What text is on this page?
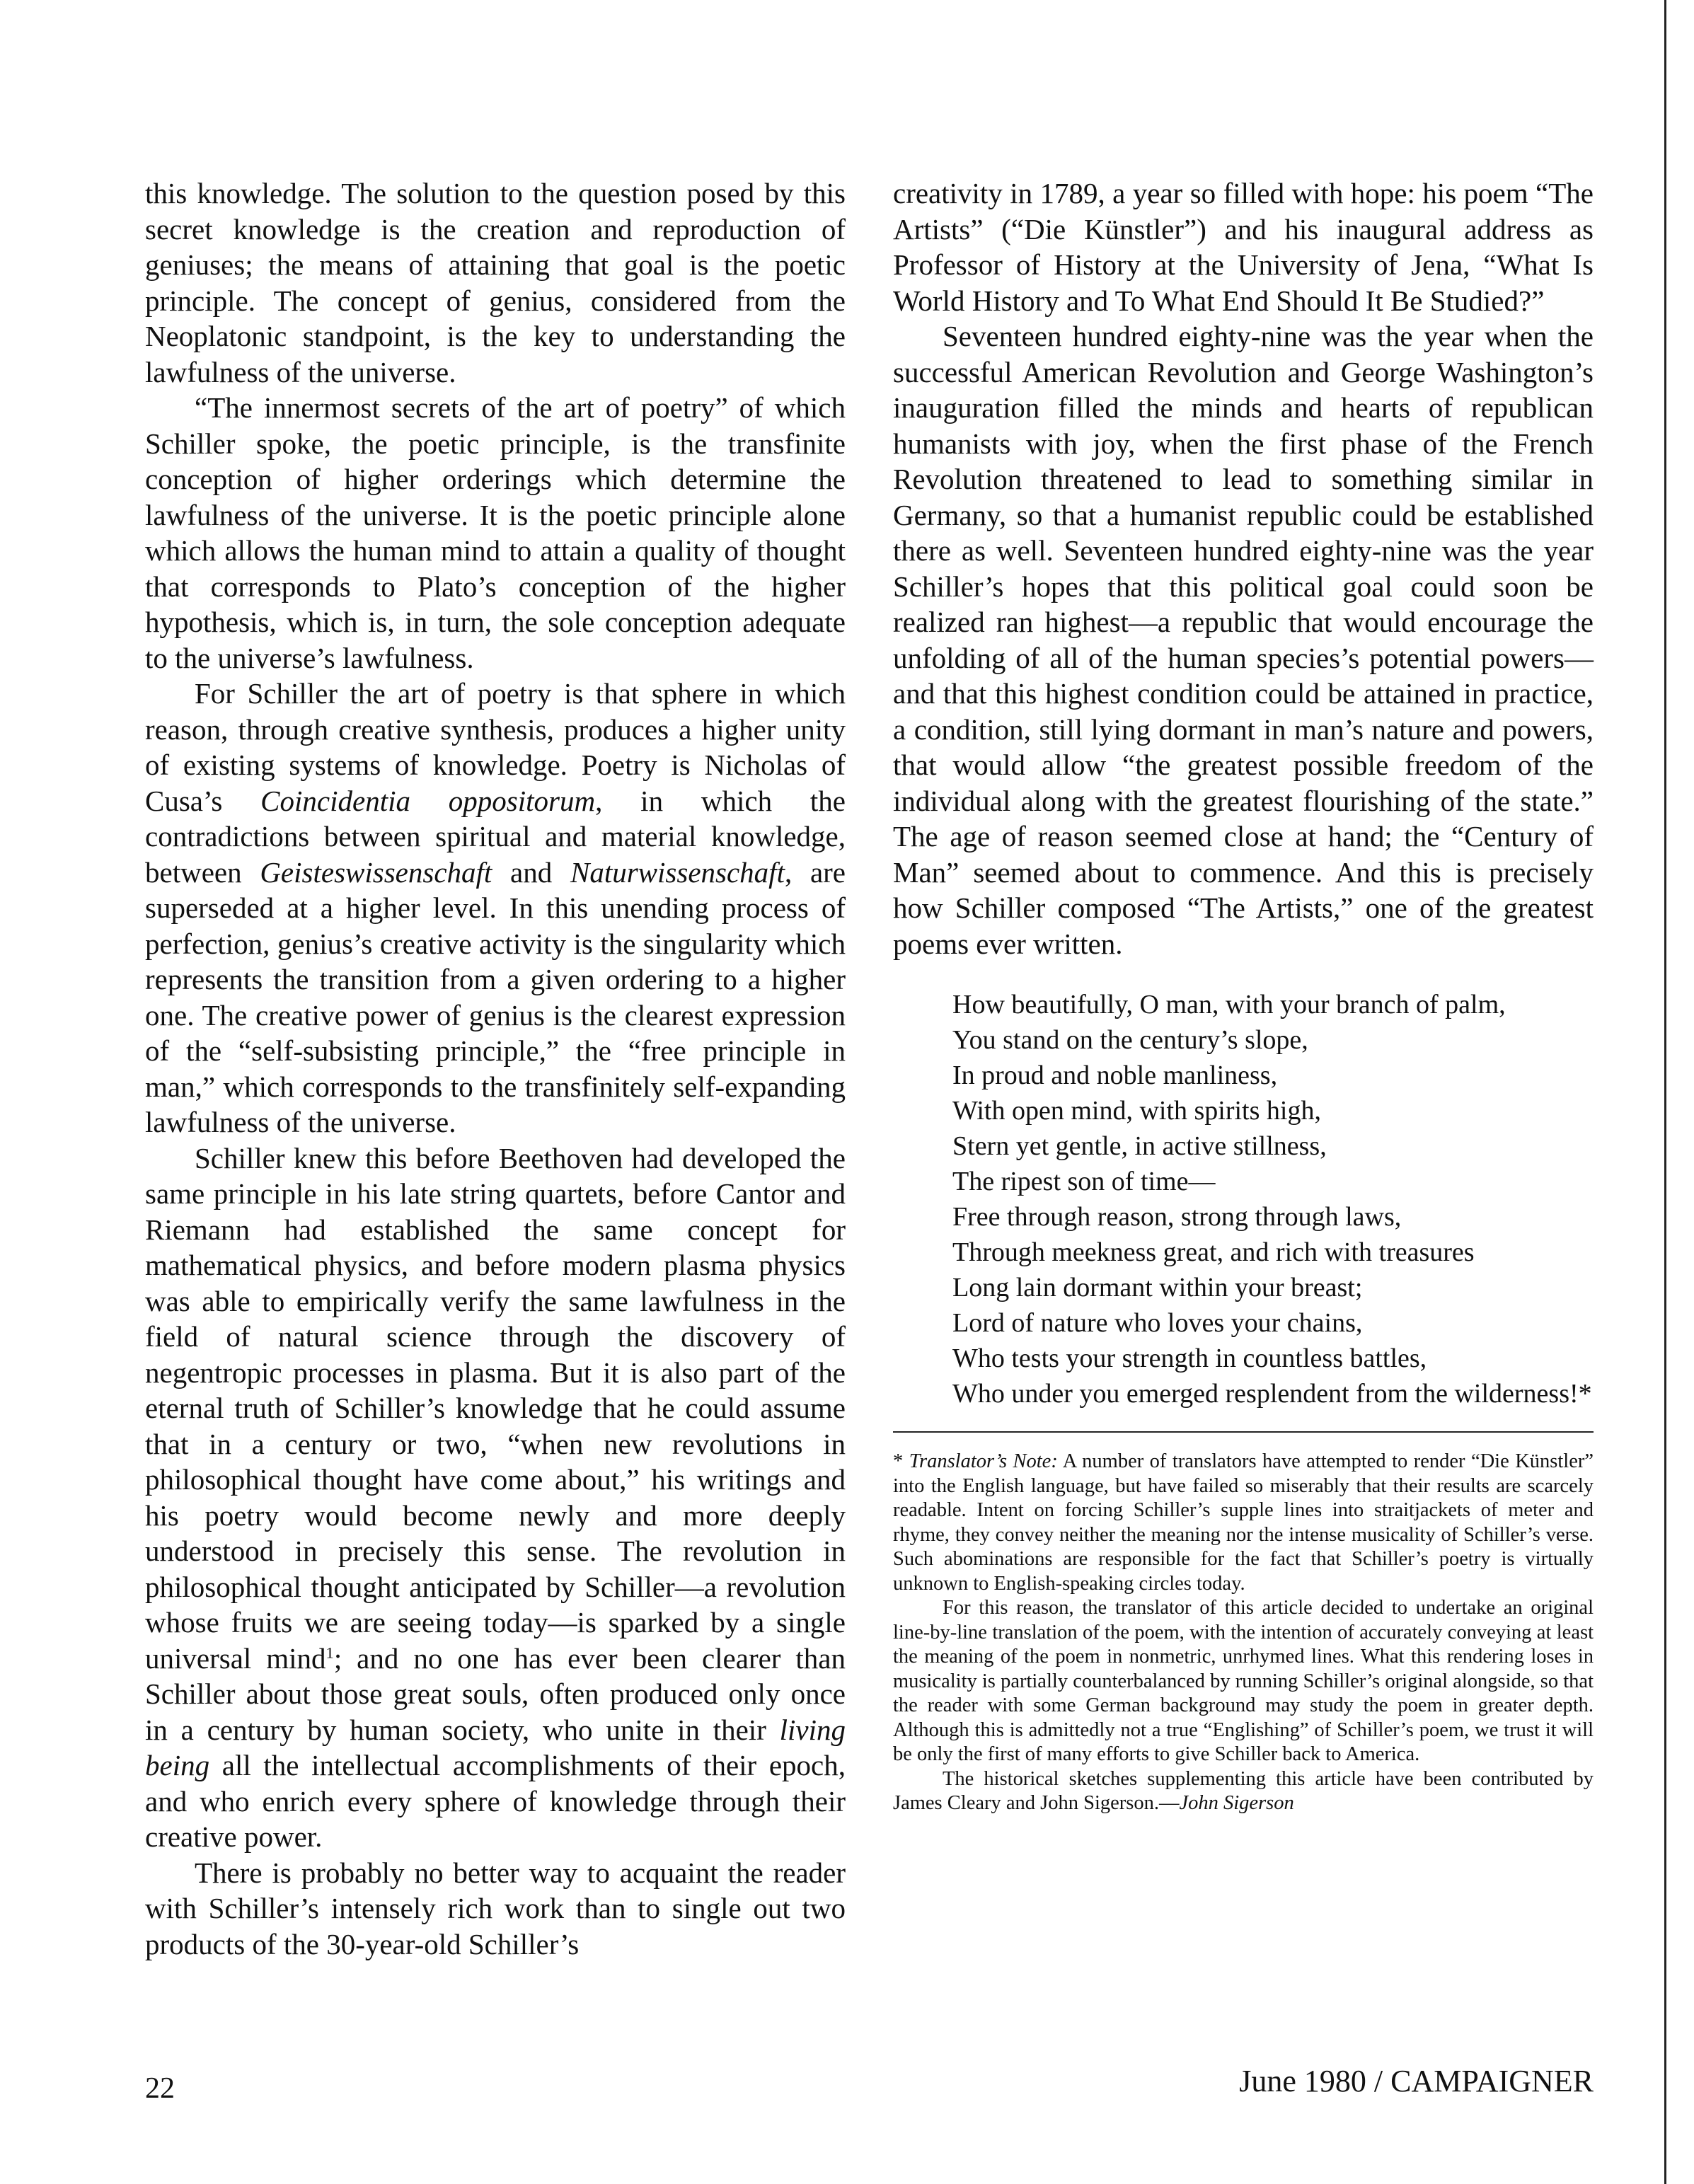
this knowledge. The solution to the question posed by this secret knowledge is the creation and reproduction of geniuses; the means of attaining that goal is the poetic principle. The concept of genius, considered from the Neoplatonic standpoint, is the key to understanding the lawfulness of the universe.

“The innermost secrets of the art of poetry” of which Schiller spoke, the poetic principle, is the transfinite conception of higher orderings which determine the lawfulness of the universe. It is the poetic principle alone which allows the human mind to attain a quality of thought that corresponds to Plato’s conception of the higher hypothesis, which is, in turn, the sole conception adequate to the universe’s lawfulness.

For Schiller the art of poetry is that sphere in which reason, through creative synthesis, produces a higher unity of existing systems of knowledge. Poetry is Nicholas of Cusa’s Coincidentia oppositorum, in which the contradictions between spiritual and material knowledge, between Geisteswissenschaft and Naturwissenschaft, are superseded at a higher level. In this unending process of perfection, genius’s creative activity is the singularity which represents the transition from a given ordering to a higher one. The creative power of genius is the clearest expression of the “self-subsisting principle,” the “free principle in man,” which corresponds to the transfinitely self-expanding lawfulness of the universe.

Schiller knew this before Beethoven had developed the same principle in his late string quartets, before Cantor and Riemann had established the same concept for mathematical physics, and before modern plasma physics was able to empirically verify the same lawfulness in the field of natural science through the discovery of negentropic processes in plasma. But it is also part of the eternal truth of Schiller’s knowledge that he could assume that in a century or two, “when new revolutions in philosophical thought have come about,” his writings and his poetry would become newly and more deeply understood in precisely this sense. The revolution in philosophical thought anticipated by Schiller—a revolution whose fruits we are seeing today—is sparked by a single universal mind$^1$; and no one has ever been clearer than Schiller about those great souls, often produced only once in a century by human society, who unite in their living being all the intellectual accomplishments of their epoch, and who enrich every sphere of knowledge through their creative power.

There is probably no better way to acquaint the reader with Schiller’s intensely rich work than to single out two products of the 30-year-old Schiller’s

creativity in 1789, a year so filled with hope: his poem “The Artists” (“Die Künstler”) and his inaugural address as Professor of History at the University of Jena, “What Is World History and To What End Should It Be Studied?”

Seventeen hundred eighty-nine was the year when the successful American Revolution and George Washington’s inauguration filled the minds and hearts of republican humanists with joy, when the first phase of the French Revolution threatened to lead to something similar in Germany, so that a humanist republic could be established there as well. Seventeen hundred eighty-nine was the year Schiller’s hopes that this political goal could soon be realized ran highest—a republic that would encourage the unfolding of all of the human species’s potential powers—and that this highest condition could be attained in practice, a condition, still lying dormant in man’s nature and powers, that would allow “the greatest possible freedom of the individual along with the greatest flourishing of the state.” The age of reason seemed close at hand; the “Century of Man” seemed about to commence. And this is precisely how Schiller composed “The Artists,” one of the greatest poems ever written.

How beautifully, O man, with your branch of palm,
You stand on the century’s slope,
In proud and noble manliness,
With open mind, with spirits high,
Stern yet gentle, in active stillness,
The ripest son of time—
Free through reason, strong through laws,
Through meekness great, and rich with treasures
Long lain dormant within your breast;
Lord of nature who loves your chains,
Who tests your strength in countless battles,
Who under you emerged resplendent from the wilderness!*

* Translator’s Note: A number of translators have attempted to render “Die Künstler” into the English language, but have failed so miserably that their results are scarcely readable. Intent on forcing Schiller’s supple lines into straitjackets of meter and rhyme, they convey neither the meaning nor the intense musicality of Schiller’s verse. Such abominations are responsible for the fact that Schiller’s poetry is virtually unknown to English-speaking circles today.

For this reason, the translator of this article decided to undertake an original line-by-line translation of the poem, with the intention of accurately conveying at least the meaning of the poem in nonmetric, unrhymed lines. What this rendering loses in musicality is partially counterbalanced by running Schiller’s original alongside, so that the reader with some German background may study the poem in greater depth. Although this is admittedly not a true “Englishing” of Schiller’s poem, we trust it will be only the first of many efforts to give Schiller back to America.

The historical sketches supplementing this article have been contributed by James Cleary and John Sigerson.—John Sigerson

22	June 1980 / CAMPAIGNER
